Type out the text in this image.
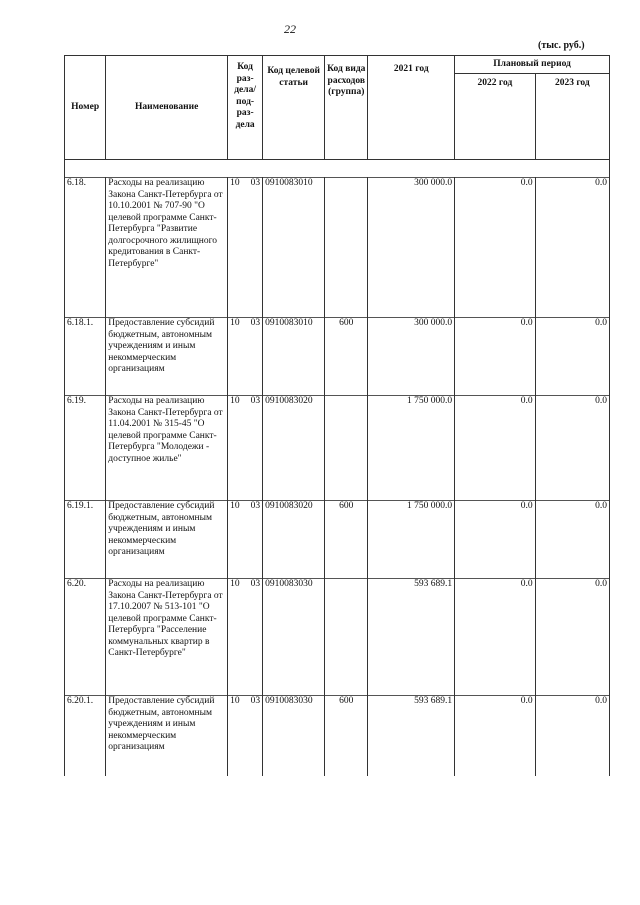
22
(тыс. руб.)
Номер	Наименование	Код раз-дела/ под-раз-дела	Код целевой статьи	Код вида расходов (группа)	2021 год	Плановый период	
						2022 год	2023 год

6.18.	Расходы на реализацию Закона Санкт-Петербурга от 10.10.2001 № 707-90 "О целевой программе Санкт-Петербурга "Развитие долгосрочного жилищного кредитования в Санкт-Петербурге"	10 03	0910083010		300 000.0	0.0	0.0
6.18.1.	Предоставление субсидий бюджетным, автономным учреждениям и иным некоммерческим организациям	10 03	0910083010	600	300 000.0	0.0	0.0
6.19.	Расходы на реализацию Закона Санкт-Петербурга от 11.04.2001 № 315-45 "О целевой программе Санкт-Петербурга "Молодежи - доступное жилье"	10 03	0910083020		1 750 000.0	0.0	0.0
6.19.1.	Предоставление субсидий бюджетным, автономным учреждениям и иным некоммерческим организациям	10 03	0910083020	600	1 750 000.0	0.0	0.0
6.20.	Расходы на реализацию Закона Санкт-Петербурга от 17.10.2007 № 513-101 "О целевой программе Санкт-Петербурга "Расселение коммунальных квартир в Санкт-Петербурге"	10 03	0910083030		593 689.1	0.0	0.0
6.20.1.	Предоставление субсидий бюджетным, автономным учреждениям и иным некоммерческим организациям	10 03	0910083030	600	593 689.1	0.0	0.0
